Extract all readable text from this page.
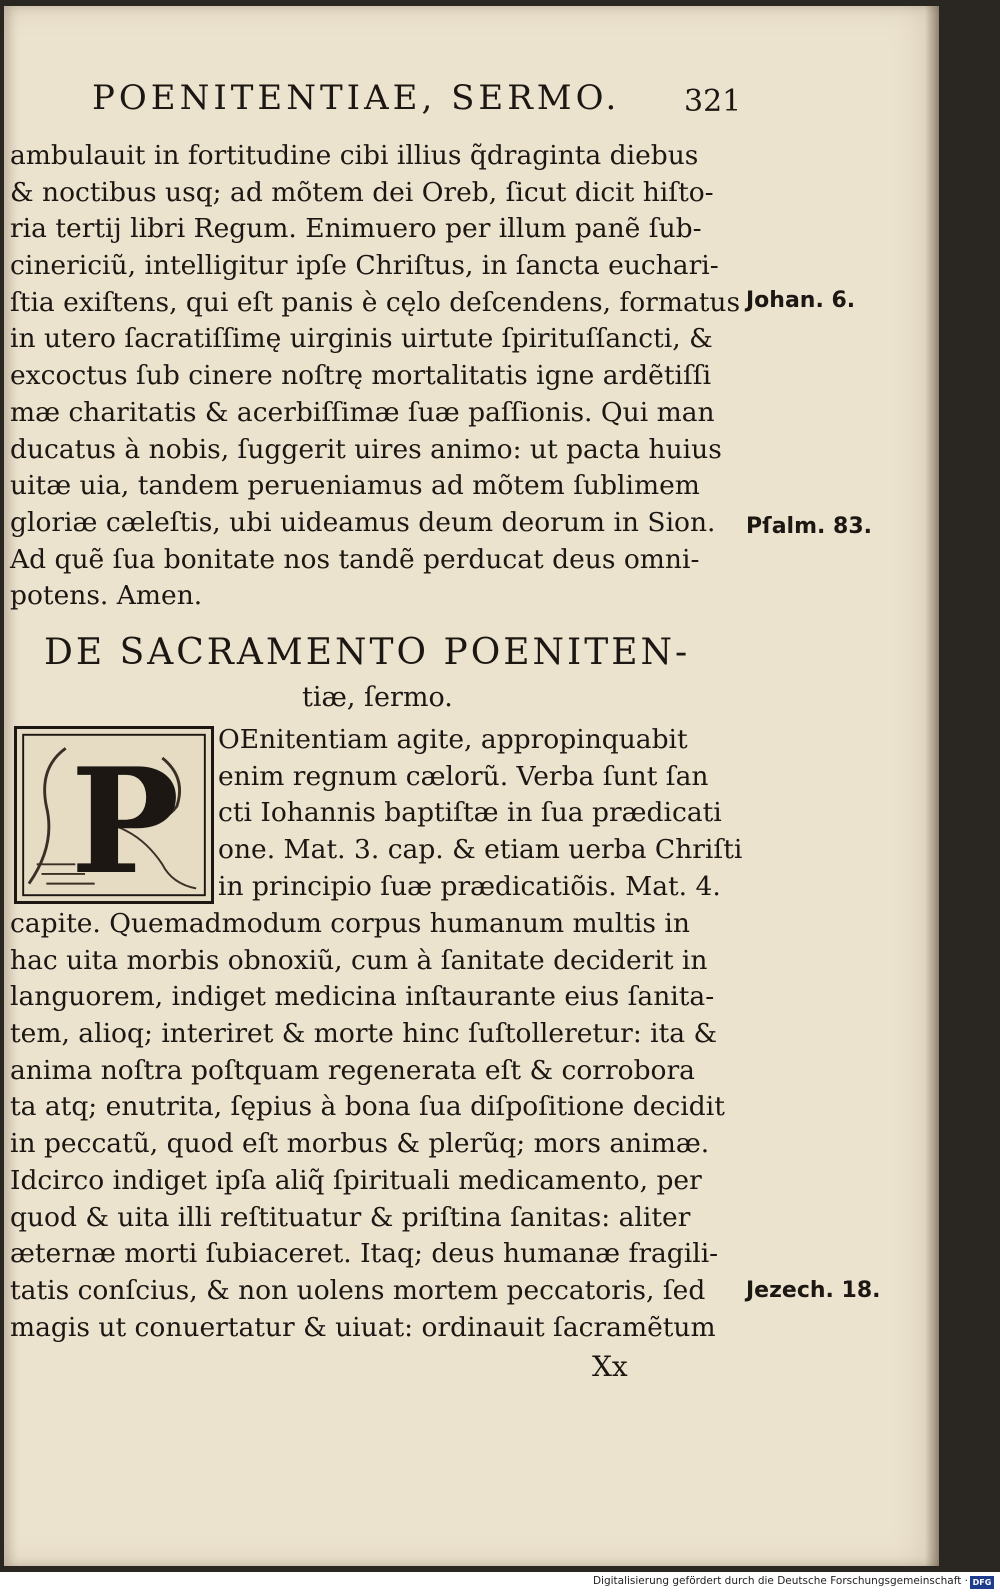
POENITENTIAE, SERMO.	321
ambulauit in fortitudine cibi illius q̃draginta diebus
& noctibus usq; ad mõtem dei Oreb, ſicut dicit hiſto-
ria tertij libri Regum. Enimuero per illum panẽ ſub-
cinericiũ, intelligitur ipſe Chriſtus, in ſancta euchari-
ſtia exiſtens, qui eſt panis è cęlo deſcendens, formatus
in utero ſacratiſſimę uirginis uirtute ſpirituſſancti, &
excoctus ſub cinere noſtrę mortalitatis igne ardẽtiſſi
mæ charitatis & acerbiſſimæ ſuæ paſſionis. Qui man
ducatus à nobis, ſuggerit uires animo: ut pacta huius
uitæ uia, tandem perueniamus ad mõtem ſublimem
gloriæ cæleſtis, ubi uideamus deum deorum in Sion.
Ad quẽ ſua bonitate nos tandẽ perducat deus omni-
potens. Amen.
DE SACRAMENTO POENITEN-
tiæ, ſermo.
P OEnitentiam agite, appropinquabit
enim regnum cælorũ. Verba ſunt ſan
cti Iohannis baptiſtæ in ſua prædicati
one. Mat. 3. cap. & etiam uerba Chriſti
in principio ſuæ prædicatiõis. Mat. 4.
capite. Quemadmodum corpus humanum multis in
hac uita morbis obnoxiũ, cum à ſanitate deciderit in
languorem, indiget medicina inſtaurante eius ſanita-
tem, alioq; interiret & morte hinc ſuſtolleretur: ita &
anima noſtra poſtquam regenerata eſt & corrobora
ta atq; enutrita, ſępius à bona ſua diſpoſitione decidit
in peccatũ, quod eſt morbus & plerũq; mors animæ.
Idcirco indiget ipſa aliq̃ ſpirituali medicamento, per
quod & uita illi reſtituatur & priſtina ſanitas: aliter
æternæ morti ſubiaceret. Itaq; deus humanæ fragili-
tatis conſcius, & non uolens mortem peccatoris, ſed
magis ut conuertatur & uiuat: ordinauit ſacramẽtum
Johan. 6.
Pſalm. 83.
Jezech. 18.
Xx
Digitalisierung gefördert durch die Deutsche Forschungsgemeinschaft · DFG
